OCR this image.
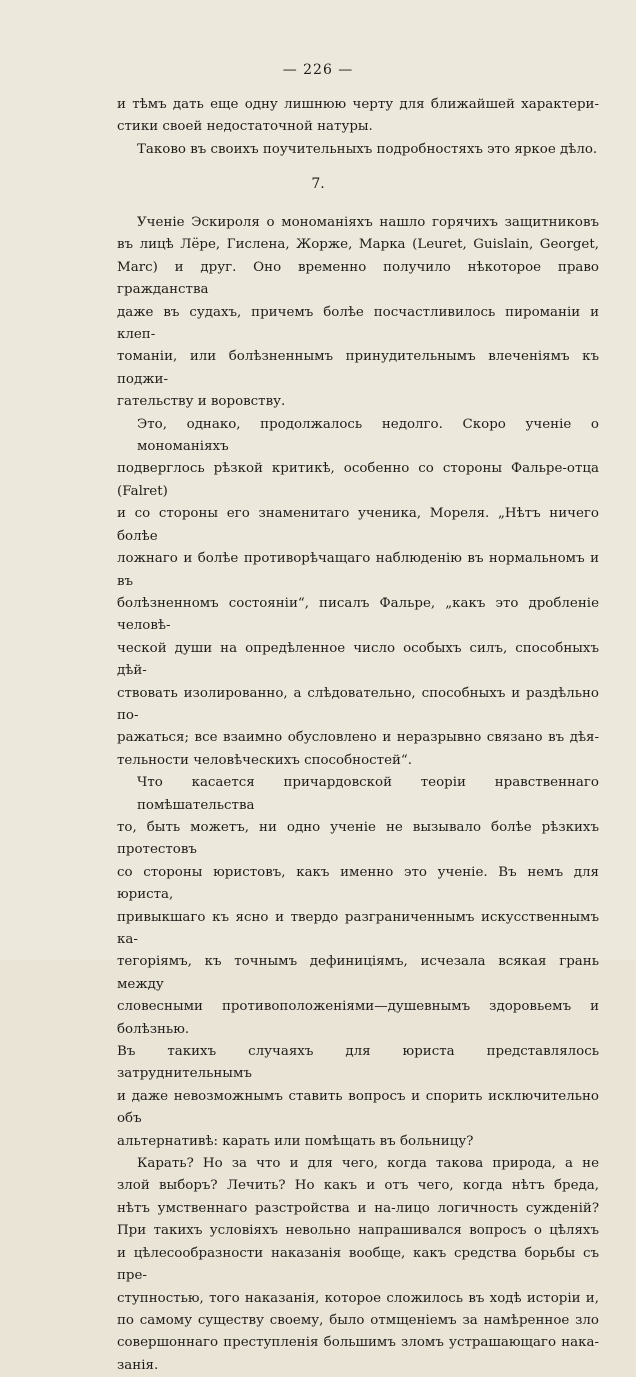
— 226 —
и тѣмъ дать еще одну лишнюю черту для ближайшей характери-
стики своей недостаточной натуры.
Таково въ своихъ поучительныхъ подробностяхъ это яркое дѣло.
7.

Ученіе Эскироля о мономаніяхъ нашло горячихъ защитниковъ
въ лицѣ Лёре, Гислена, Жорже, Марка (Leuret, Guislain, Georget,
Marc) и друг. Оно временно получило нѣкоторое право гражданства
даже въ судахъ, причемъ болѣе посчастливилось пироманіи и клеп-
томаніи, или болѣзненнымъ принудительнымъ влеченіямъ къ поджи-
гательству и воровству.

Это, однако, продолжалось недолго. Скоро ученіе о мономаніяхъ
подверглось рѣзкой критикѣ, особенно со стороны Фальре-отца (Falret)
и со стороны его знаменитаго ученика, Мореля. „Нѣтъ ничего болѣе
ложнаго и болѣе противорѣчащаго наблюденію въ нормальномъ и въ
болѣзненномъ состояніи“, писалъ Фальре, „какъ это дробленіе человѣ-
ческой души на опредѣленное число особыхъ силъ, способныхъ дѣй-
ствовать изолированно, а слѣдовательно, способныхъ и раздѣльно по-
ражаться; все взаимно обусловлено и неразрывно связано въ дѣя-
тельности человѣческихъ способностей“.

Что касается причардовской теоріи нравственнаго помѣшательства
то, быть можетъ, ни одно ученіе не вызывало болѣе рѣзкихъ протестовъ
со стороны юристовъ, какъ именно это ученіе. Въ немъ для юриста,
привыкшаго къ ясно и твердо разграниченнымъ искусственнымъ ка-
тегоріямъ, къ точнымъ дефиниціямъ, исчезала всякая грань между
словесными противоположеніями—душевнымъ здоровьемъ и болѣзнью.
Въ такихъ случаяхъ для юриста представлялось затруднительнымъ
и даже невозможнымъ ставить вопросъ и спорить исключительно объ
альтернативѣ: карать или помѣщать въ больницу?

Карать? Но за что и для чего, когда такова природа, а не
злой выборъ? Лечить? Но какъ и отъ чего, когда нѣтъ бреда,
нѣтъ умственнаго разстройства и на-лицо логичность сужденій?
При такихъ условіяхъ невольно напрашивался вопросъ о цѣляхъ
и цѣлесообразности наказанія вообще, какъ средства борьбы съ пре-
ступностью, того наказанія, которое сложилось въ ходѣ исторіи и,
по самому существу своему, было отмщеніемъ за намѣренное зло
совершоннаго преступленія большимъ зломъ устрашающаго нака-
занія.
